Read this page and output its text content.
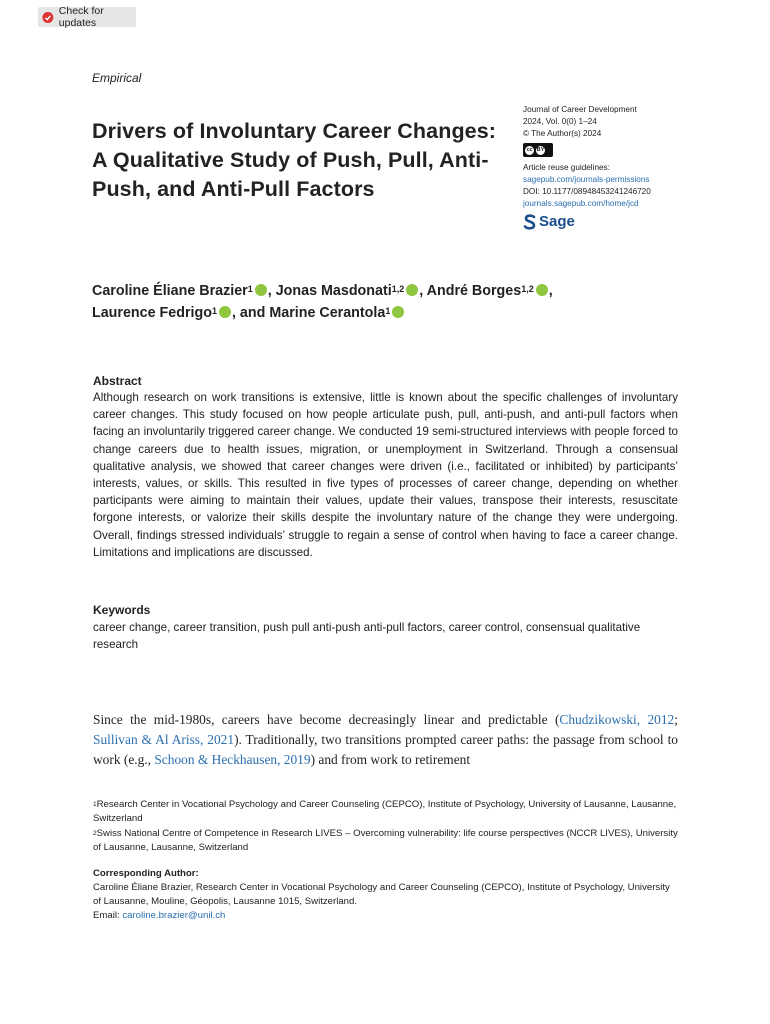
Check for updates
Empirical
Drivers of Involuntary Career Changes: A Qualitative Study of Push, Pull, Anti-Push, and Anti-Pull Factors
Journal of Career Development
2024, Vol. 0(0) 1–24
© The Author(s) 2024
cc BY
Article reuse guidelines:
sagepub.com/journals-permissions
DOI: 10.1177/08948453241246720
journals.sagepub.com/home/jcd
Sage
Caroline Éliane Brazier$^1$ , Jonas Masdonati$^{1,2}$ , André Borges$^{1,2}$ ,
Laurence Fedrigo$^1$ , and Marine Cerantola$^1$
Abstract
Although research on work transitions is extensive, little is known about the specific challenges of involuntary career changes. This study focused on how people articulate push, pull, anti-push, and anti-pull factors when facing an involuntarily triggered career change. We conducted 19 semi-structured interviews with people forced to change careers due to health issues, migration, or unemployment in Switzerland. Through a consensual qualitative analysis, we showed that career changes were driven (i.e., facilitated or inhibited) by participants’ interests, values, or skills. This resulted in five types of processes of career change, depending on whether participants were aiming to maintain their values, update their values, transpose their interests, resuscitate forgone interests, or valorize their skills despite the involuntary nature of the change they were undergoing. Overall, findings stressed individuals’ struggle to regain a sense of control when having to face a career change. Limitations and implications are discussed.
Keywords
career change, career transition, push pull anti-push anti-pull factors, career control, consensual qualitative research
Since the mid-1980s, careers have become decreasingly linear and predictable (Chudzikowski, 2012; Sullivan & Al Ariss, 2021). Traditionally, two transitions prompted career paths: the passage from school to work (e.g., Schoon & Heckhausen, 2019) and from work to retirement
$^1$Research Center in Vocational Psychology and Career Counseling (CEPCO), Institute of Psychology, University of Lausanne, Lausanne, Switzerland
$^2$Swiss National Centre of Competence in Research LIVES – Overcoming vulnerability: life course perspectives (NCCR LIVES), University of Lausanne, Lausanne, Switzerland
Corresponding Author:
Caroline Éliane Brazier, Research Center in Vocational Psychology and Career Counseling (CEPCO), Institute of Psychology, University of Lausanne, Mouline, Géopolis, Lausanne 1015, Switzerland.
Email: caroline.brazier@unil.ch
